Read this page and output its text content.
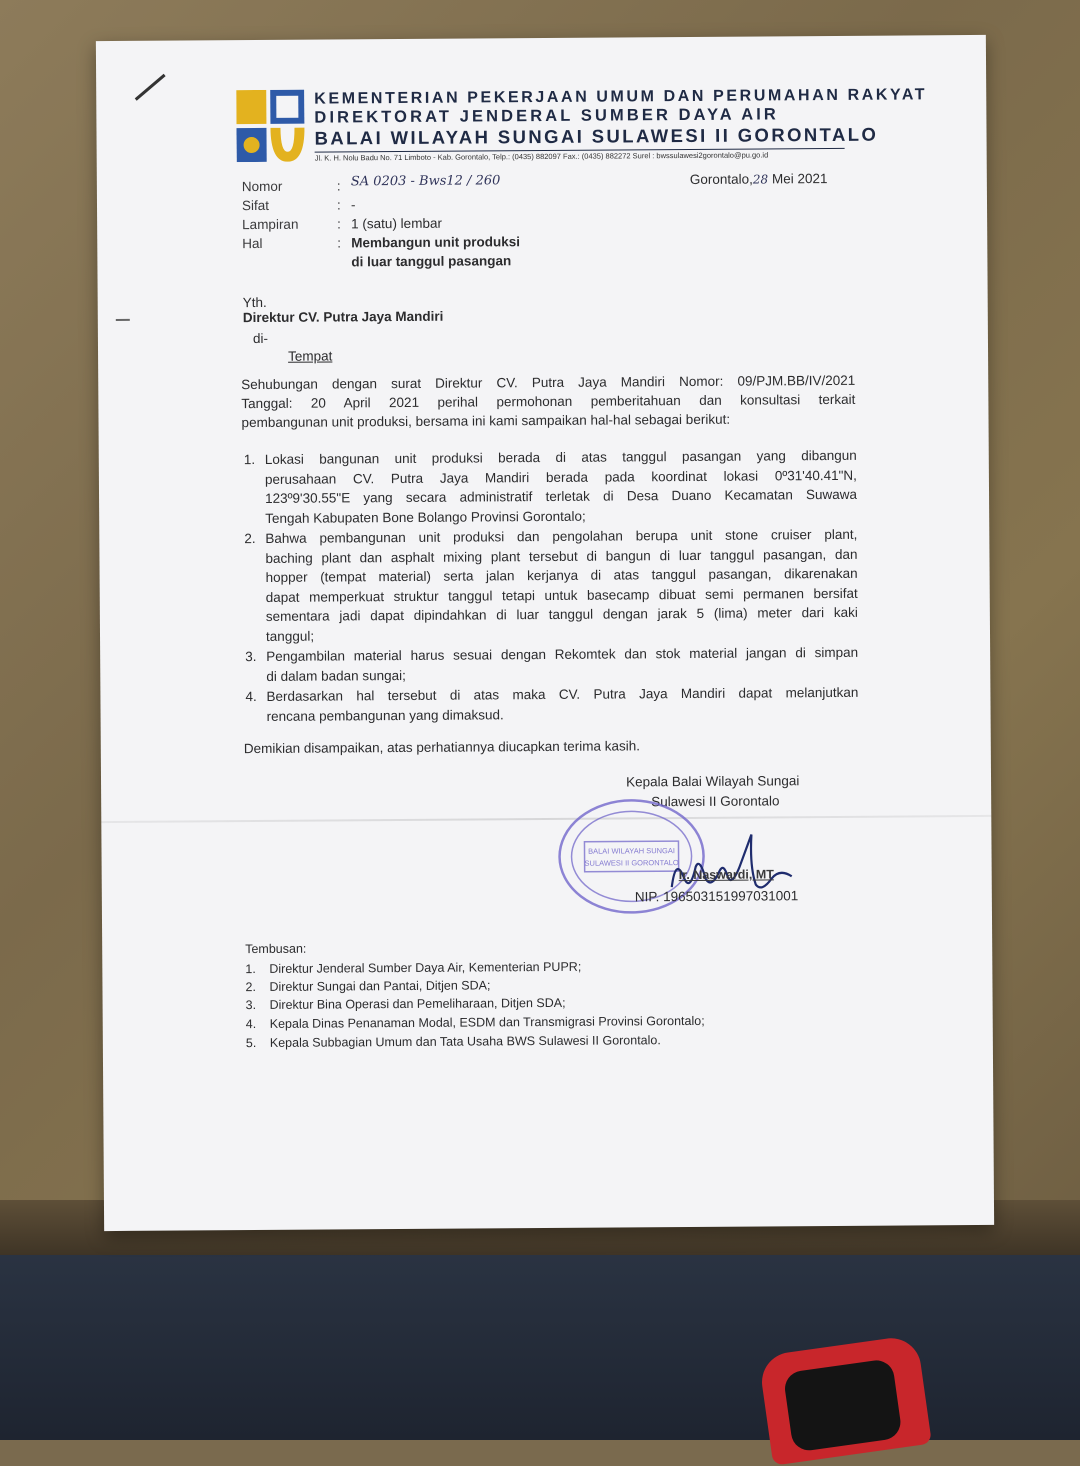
KEMENTERIAN PEKERJAAN UMUM DAN PERUMAHAN RAKYAT
DIREKTORAT JENDERAL SUMBER DAYA AIR
BALAI WILAYAH SUNGAI SULAWESI II GORONTALO
Jl. K. H. Nolu Badu No. 71 Limboto - Kab. Gorontalo, Telp.: (0435) 882097 Fax.: (0435) 882272 Surel : bwssulawesi2gorontalo@pu.go.id
Nomor	: SA 0203 - Bws12 / 260	Gorontalo,28 Mei 2021
Sifat	: -
Lampiran	: 1 (satu) lembar
Hal	: Membangun unit produksi
di luar tanggul pasangan
Yth.
Direktur CV. Putra Jaya Mandiri
di-
Tempat
Sehubungan dengan surat Direktur CV. Putra Jaya Mandiri Nomor: 09/PJM.BB/IV/2021
Tanggal: 20 April 2021 perihal permohonan pemberitahuan dan konsultasi terkait
pembangunan unit produksi, bersama ini kami sampaikan hal-hal sebagai berikut:
1. Lokasi bangunan unit produksi berada di atas tanggul pasangan yang dibangun
perusahaan CV. Putra Jaya Mandiri berada pada koordinat lokasi 0º31'40.41"N,
123º9'30.55"E yang secara administratif terletak di Desa Duano Kecamatan Suwawa
Tengah Kabupaten Bone Bolango Provinsi Gorontalo;
2. Bahwa pembangunan unit produksi dan pengolahan berupa unit stone cruiser plant,
baching plant dan asphalt mixing plant tersebut di bangun di luar tanggul pasangan, dan
hopper (tempat material) serta jalan kerjanya di atas tanggul pasangan, dikarenakan
dapat memperkuat struktur tanggul tetapi untuk basecamp dibuat semi permanen bersifat
sementara jadi dapat dipindahkan di luar tanggul dengan jarak 5 (lima) meter dari kaki
tanggul;
3. Pengambilan material harus sesuai dengan Rekomtek dan stok material jangan di simpan
di dalam badan sungai;
4. Berdasarkan hal tersebut di atas maka CV. Putra Jaya Mandiri dapat melanjutkan
rencana pembangunan yang dimaksud.
Demikian disampaikan, atas perhatiannya diucapkan terima kasih.
Kepala Balai Wilayah Sungai
Sulawesi II Gorontalo
BALAI WILAYAH SUNGAI
SULAWESI II GORONTALO
Ir. Naswardi, MT
NIP. 196503151997031001
Tembusan:
1. Direktur Jenderal Sumber Daya Air, Kementerian PUPR;
2. Direktur Sungai dan Pantai, Ditjen SDA;
3. Direktur Bina Operasi dan Pemeliharaan, Ditjen SDA;
4. Kepala Dinas Penanaman Modal, ESDM dan Transmigrasi Provinsi Gorontalo;
5. Kepala Subbagian Umum dan Tata Usaha BWS Sulawesi II Gorontalo.
